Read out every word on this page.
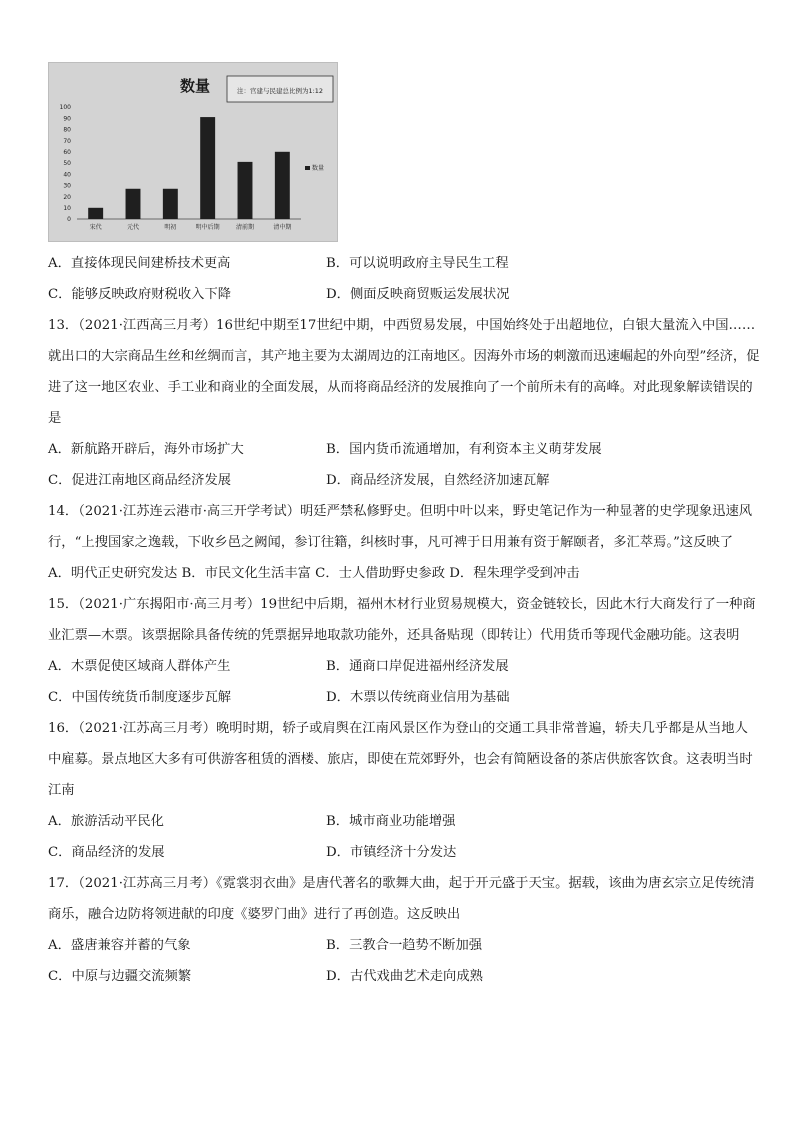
数量	注：官建与民建总比例为1:12
0
10
20
30
40
50
60
70
80
90
100
宋代	元代	明初	明中后期	清前期	清中期
数量
A．直接体现民间建桥技术更高	B．可以说明政府主导民生工程
C．能够反映政府财税收入下降	D．侧面反映商贸贩运发展状况
13．（2021·江西高三月考）16世纪中期至17世纪中期，中西贸易发展，中国始终处于出超地位，白银大量流入中国……就出口的大宗商品生丝和丝绸而言，其产地主要为太湖周边的江南地区。因海外市场的刺激而迅速崛起的外向型”经济，促进了这一地区农业、手工业和商业的全面发展，从而将商品经济的发展推向了一个前所未有的高峰。对此现象解读错误的是
A．新航路开辟后，海外市场扩大	B．国内货币流通增加，有利资本主义萌芽发展
C．促进江南地区商品经济发展	D．商品经济发展，自然经济加速瓦解
14．（2021·江苏连云港市·高三开学考试）明廷严禁私修野史。但明中叶以来，野史笔记作为一种显著的史学现象迅速风行，“上搜国家之逸载，下收乡邑之阙闻，参订往籍，纠核时事，凡可裨于日用兼有资于解颐者，多汇萃焉。”这反映了
A．明代正史研究发达 B．市民文化生活丰富 C．士人借助野史参政 D．程朱理学受到冲击
15．（2021·广东揭阳市·高三月考）19世纪中后期，福州木材行业贸易规模大，资金链较长，因此木行大商发行了一种商业汇票—木票。该票据除具备传统的凭票据异地取款功能外，还具备贴现（即转让）代用货币等现代金融功能。这表明
A．木票促使区域商人群体产生	B．通商口岸促进福州经济发展
C．中国传统货币制度逐步瓦解	D．木票以传统商业信用为基础
16．（2021·江苏高三月考）晚明时期，轿子或肩舆在江南风景区作为登山的交通工具非常普遍，轿夫几乎都是从当地人中雇募。景点地区大多有可供游客租赁的酒楼、旅店，即使在荒郊野外，也会有简陋设备的茶店供旅客饮食。这表明当时江南
A．旅游活动平民化	B．城市商业功能增强
C．商品经济的发展	D．市镇经济十分发达
17．（2021·江苏高三月考）《霓裳羽衣曲》是唐代著名的歌舞大曲，起于开元盛于天宝。据载，该曲为唐玄宗立足传统清商乐，融合边防将领进献的印度《婆罗门曲》进行了再创造。这反映出
A．盛唐兼容并蓄的气象	B．三教合一趋势不断加强
C．中原与边疆交流频繁	D．古代戏曲艺术走向成熟
